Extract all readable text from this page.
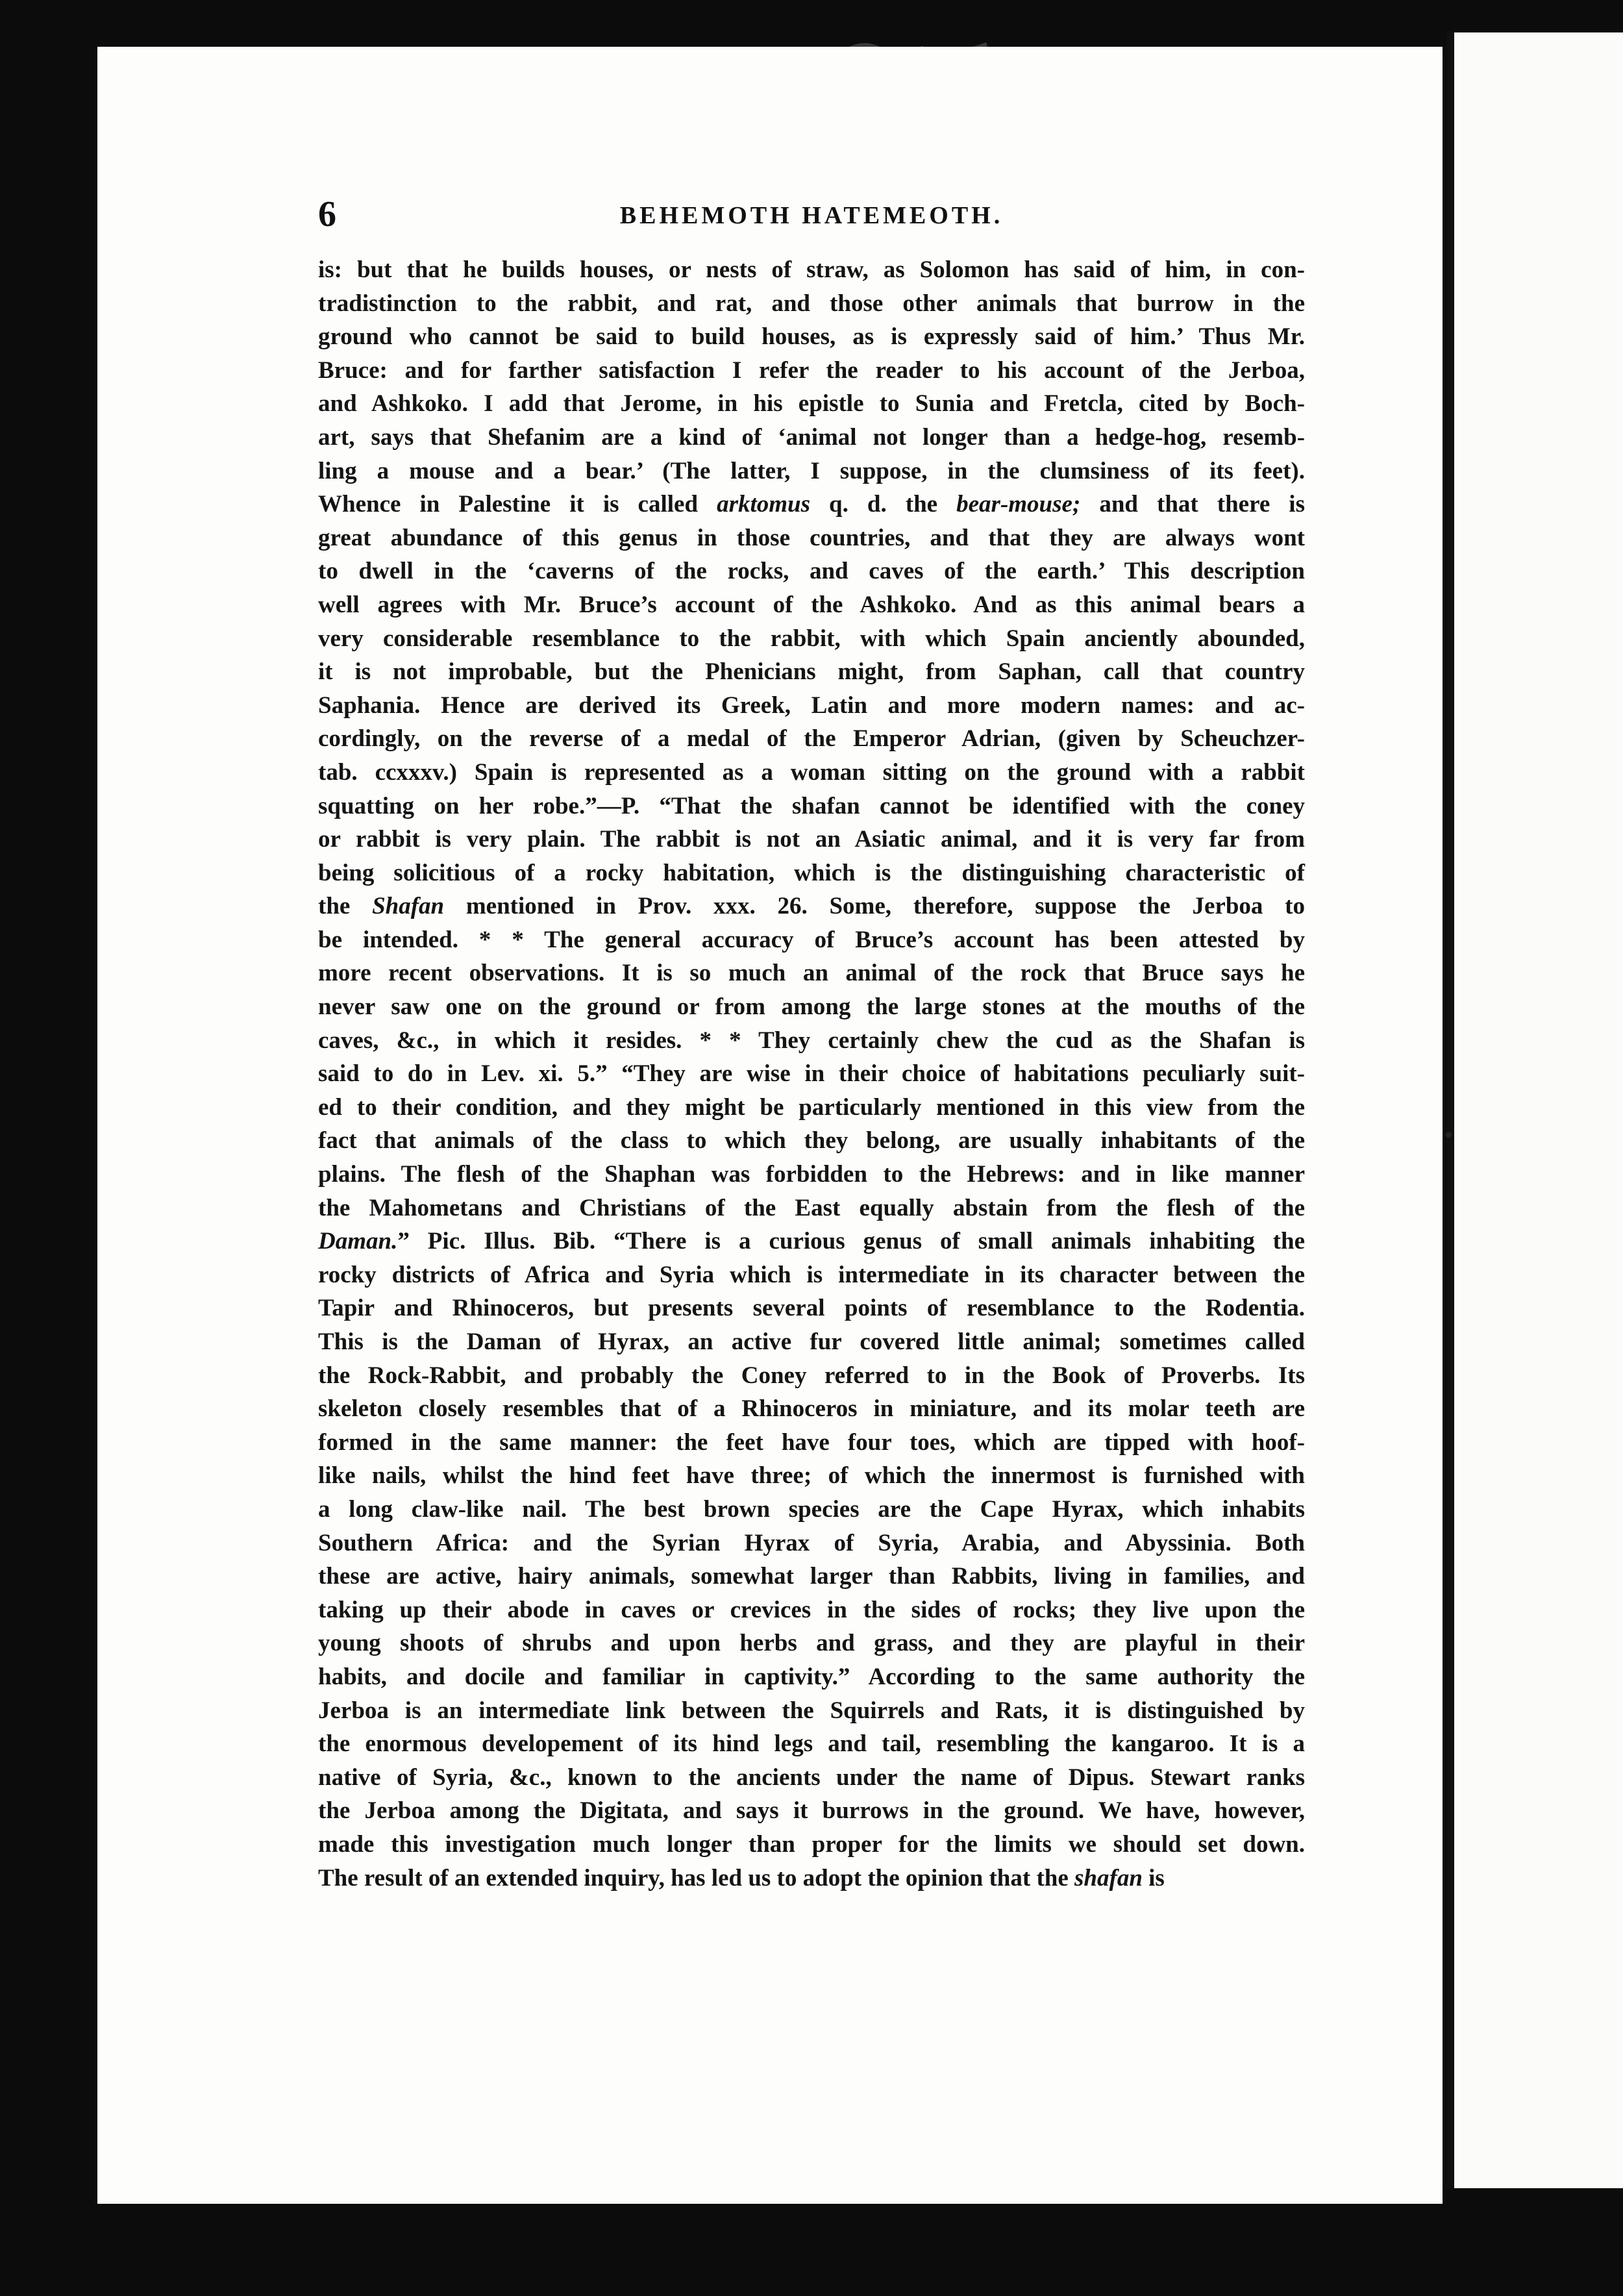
•
6	BEHEMOTH HATEMEOTH.
is: but that he builds houses, or nests of straw, as Solomon has said of him, in con-
tradistinction to the rabbit, and rat, and those other animals that burrow in the
ground who cannot be said to build houses, as is expressly said of him.’ Thus Mr.
Bruce: and for farther satisfaction I refer the reader to his account of the Jerboa,
and Ashkoko. I add that Jerome, in his epistle to Sunia and Fretcla, cited by Boch-
art, says that Shefanim are a kind of ‘animal not longer than a hedge-hog, resemb-
ling a mouse and a bear.’ (The latter, I suppose, in the clumsiness of its feet).
Whence in Palestine it is called arktomus q. d. the bear-mouse; and that there is
great abundance of this genus in those countries, and that they are always wont
to dwell in the ‘caverns of the rocks, and caves of the earth.’ This description
well agrees with Mr. Bruce’s account of the Ashkoko. And as this animal bears a
very considerable resemblance to the rabbit, with which Spain anciently abounded,
it is not improbable, but the Phenicians might, from Saphan, call that country
Saphania. Hence are derived its Greek, Latin and more modern names: and ac-
cordingly, on the reverse of a medal of the Emperor Adrian, (given by Scheuchzer-
tab. ccxxxv.) Spain is represented as a woman sitting on the ground with a rabbit
squatting on her robe.”—P. “That the shafan cannot be identified with the coney
or rabbit is very plain. The rabbit is not an Asiatic animal, and it is very far from
being solicitious of a rocky habitation, which is the distinguishing characteristic of
the Shafan mentioned in Prov. xxx. 26. Some, therefore, suppose the Jerboa to
be intended. * * The general accuracy of Bruce’s account has been attested by
more recent observations. It is so much an animal of the rock that Bruce says he
never saw one on the ground or from among the large stones at the mouths of the
caves, &c., in which it resides. * * They certainly chew the cud as the Shafan is
said to do in Lev. xi. 5.” “They are wise in their choice of habitations peculiarly suit-
ed to their condition, and they might be particularly mentioned in this view from the
fact that animals of the class to which they belong, are usually inhabitants of the
plains. The flesh of the Shaphan was forbidden to the Hebrews: and in like manner
the Mahometans and Christians of the East equally abstain from the flesh of the
Daman.” Pic. Illus. Bib. “There is a curious genus of small animals inhabiting the
rocky districts of Africa and Syria which is intermediate in its character between the
Tapir and Rhinoceros, but presents several points of resemblance to the Rodentia.
This is the Daman of Hyrax, an active fur covered little animal; sometimes called
the Rock-Rabbit, and probably the Coney referred to in the Book of Proverbs. Its
skeleton closely resembles that of a Rhinoceros in miniature, and its molar teeth are
formed in the same manner: the feet have four toes, which are tipped with hoof-
like nails, whilst the hind feet have three; of which the innermost is furnished with
a long claw-like nail. The best brown species are the Cape Hyrax, which inhabits
Southern Africa: and the Syrian Hyrax of Syria, Arabia, and Abyssinia. Both
these are active, hairy animals, somewhat larger than Rabbits, living in families, and
taking up their abode in caves or crevices in the sides of rocks; they live upon the
young shoots of shrubs and upon herbs and grass, and they are playful in their
habits, and docile and familiar in captivity.” According to the same authority the
Jerboa is an intermediate link between the Squirrels and Rats, it is distinguished by
the enormous developement of its hind legs and tail, resembling the kangaroo. It is a
native of Syria, &c., known to the ancients under the name of Dipus. Stewart ranks
the Jerboa among the Digitata, and says it burrows in the ground. We have, however,
made this investigation much longer than proper for the limits we should set down.
The result of an extended inquiry, has led us to adopt the opinion that the shafan is
